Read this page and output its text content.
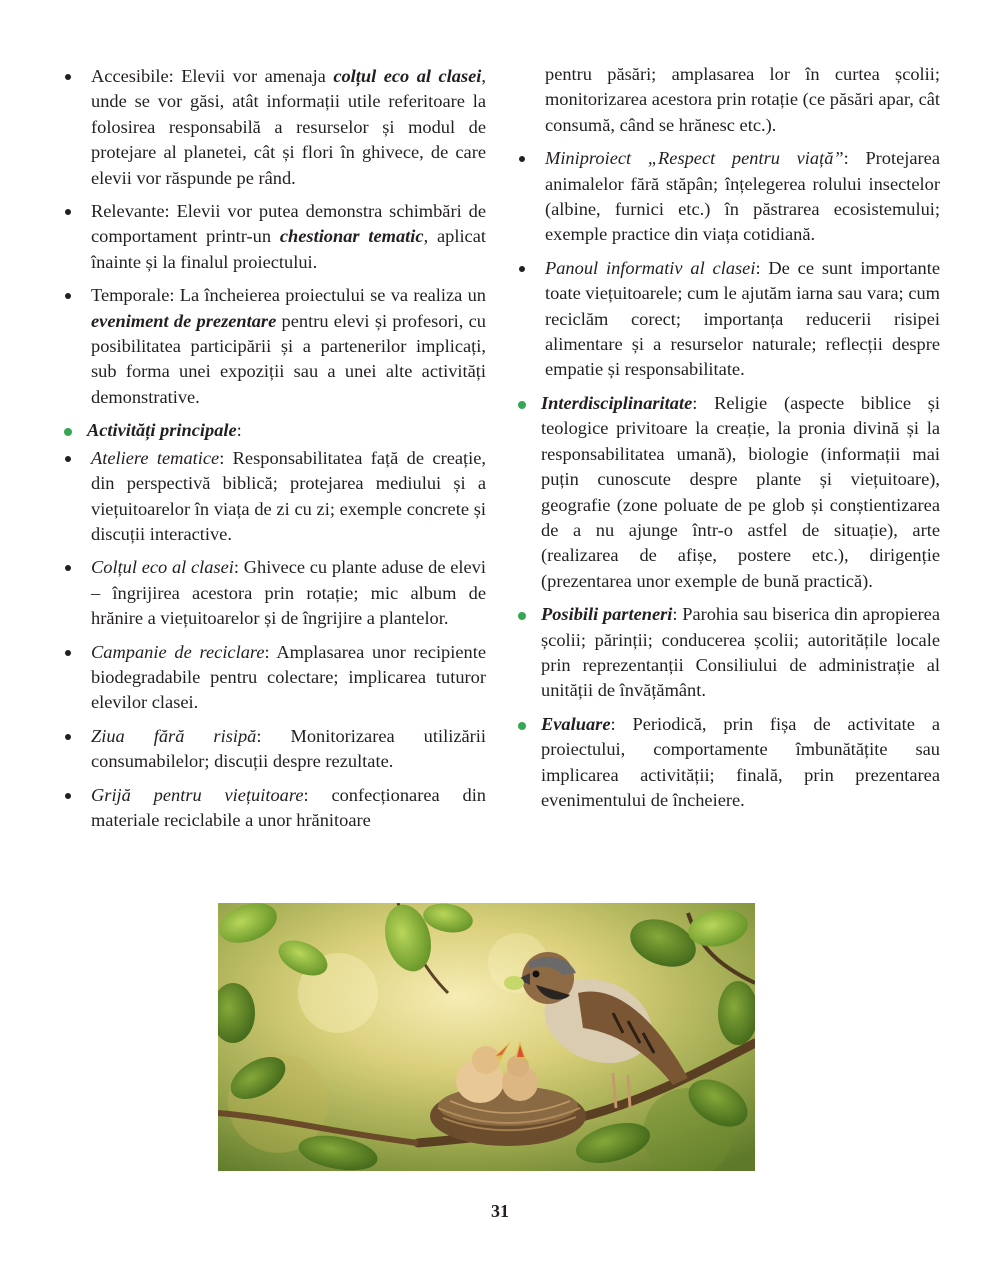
Accesibile: Elevii vor amenaja colțul eco al clasei, unde se vor găsi, atât informații utile referitoare la folosirea responsabilă a resurselor și modul de protejare al planetei, cât și flori în ghivece, de care elevii vor răspunde pe rând.
Relevante: Elevii vor putea demonstra schimbări de comportament printr-un chestionar tematic, aplicat înainte și la finalul proiectului.
Temporale: La încheierea proiectului se va realiza un eveniment de prezentare pentru elevi și profesori, cu posibilitatea participării și a partenerilor implicați, sub forma unei expoziții sau a unei alte activități demonstrative.
Activități principale:
Ateliere tematice: Responsabilitatea față de creație, din perspectivă biblică; protejarea mediului și a viețuitoarelor în viața de zi cu zi; exemple concrete și discuții interactive.
Colțul eco al clasei: Ghivece cu plante aduse de elevi – îngrijirea acestora prin rotație; mic album de hrănire a viețuitoarelor și de îngrijire a plantelor.
Campanie de reciclare: Amplasarea unor recipiente biodegradabile pentru colectare; implicarea tuturor elevilor clasei.
Ziua fără risipă: Monitorizarea utilizării consumabilelor; discuții despre rezultate.
Grijă pentru viețuitoare: confecționarea din materiale reciclabile a unor hrănitoare
pentru păsări; amplasarea lor în curtea școlii; monitorizarea acestora prin rotație (ce păsări apar, cât consumă, când se hrănesc etc.).
Miniproiect „Respect pentru viață”: Protejarea animalelor fără stăpân; înțelegerea rolului insectelor (albine, furnici etc.) în păstrarea ecosistemului; exemple practice din viața cotidiană.
Panoul informativ al clasei: De ce sunt importante toate viețuitoarele; cum le ajutăm iarna sau vara; cum reciclăm corect; importanța reducerii risipei alimentare și a resurselor naturale; reflecții despre empatie și responsabilitate.
Interdisciplinaritate: Religie (aspecte biblice și teologice privitoare la creație, la pronia divină și la responsabilitatea umană), biologie (informații mai puțin cunoscute despre plante și viețuitoare), geografie (zone poluate de pe glob și conștientizarea de a nu ajunge într-o astfel de situație), arte (realizarea de afișe, postere etc.), dirigenție (prezentarea unor exemple de bună practică).
Posibili parteneri: Parohia sau biserica din apropierea școlii; părinții; conducerea școlii; autoritățile locale prin reprezentanții Consiliului de administrație al unității de învățământ.
Evaluare: Periodică, prin fișa de activitate a proiectului, comportamente îmbunătățite sau implicarea activității; finală, prin prezentarea evenimentului de încheiere.
31
